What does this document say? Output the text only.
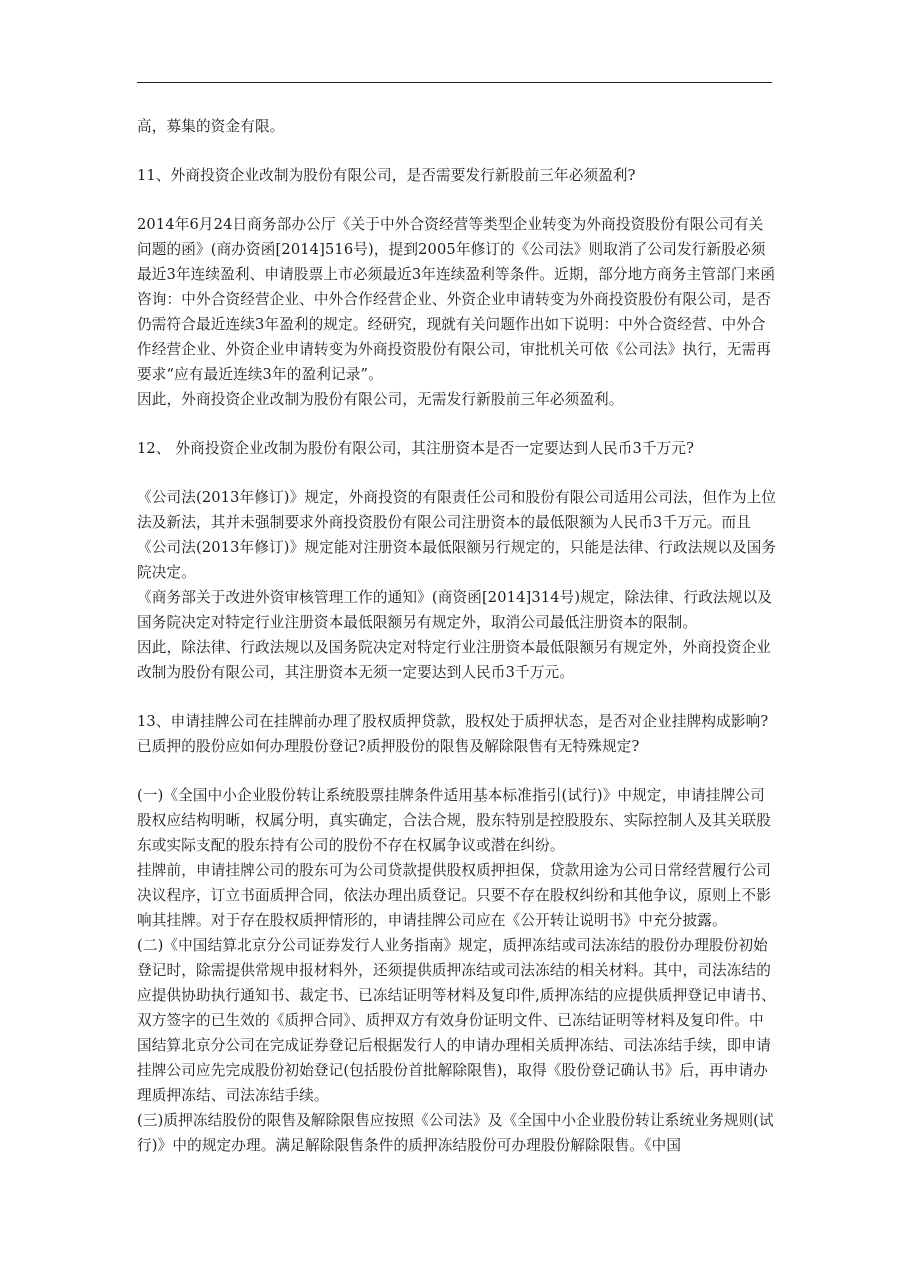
高，募集的资金有限。

11、外商投资企业改制为股份有限公司，是否需要发行新股前三年必须盈利?

2014年6月24日商务部办公厅《关于中外合资经营等类型企业转变为外商投资股份有限公司有关问题的函》(商办资函[2014]516号)，提到2005年修订的《公司法》则取消了公司发行新股必须最近3年连续盈利、申请股票上市必须最近3年连续盈利等条件。近期，部分地方商务主管部门来函咨询：中外合资经营企业、中外合作经营企业、外资企业申请转变为外商投资股份有限公司，是否仍需符合最近连续3年盈利的规定。经研究，现就有关问题作出如下说明：中外合资经营、中外合作经营企业、外资企业申请转变为外商投资股份有限公司，审批机关可依《公司法》执行，无需再要求“应有最近连续3年的盈利记录”。

因此，外商投资企业改制为股份有限公司，无需发行新股前三年必须盈利。

12、 外商投资企业改制为股份有限公司，其注册资本是否一定要达到人民币3千万元?

《公司法(2013年修订)》规定，外商投资的有限责任公司和股份有限公司适用公司法，但作为上位法及新法，其并未强制要求外商投资股份有限公司注册资本的最低限额为人民币3千万元。而且《公司法(2013年修订)》规定能对注册资本最低限额另行规定的，只能是法律、行政法规以及国务院决定。

《商务部关于改进外资审核管理工作的通知》(商资函[2014]314号)规定，除法律、行政法规以及国务院决定对特定行业注册资本最低限额另有规定外，取消公司最低注册资本的限制。

因此，除法律、行政法规以及国务院决定对特定行业注册资本最低限额另有规定外，外商投资企业改制为股份有限公司，其注册资本无须一定要达到人民币3千万元。

13、申请挂牌公司在挂牌前办理了股权质押贷款，股权处于质押状态，是否对企业挂牌构成影响?已质押的股份应如何办理股份登记?质押股份的限售及解除限售有无特殊规定?

(一)《全国中小企业股份转让系统股票挂牌条件适用基本标准指引(试行)》中规定，申请挂牌公司股权应结构明晰，权属分明，真实确定，合法合规，股东特别是控股股东、实际控制人及其关联股东或实际支配的股东持有公司的股份不存在权属争议或潜在纠纷。

挂牌前，申请挂牌公司的股东可为公司贷款提供股权质押担保，贷款用途为公司日常经营履行公司决议程序，订立书面质押合同，依法办理出质登记。只要不存在股权纠纷和其他争议，原则上不影响其挂牌。对于存在股权质押情形的，申请挂牌公司应在《公开转让说明书》中充分披露。

(二)《中国结算北京分公司证券发行人业务指南》规定，质押冻结或司法冻结的股份办理股份初始登记时，除需提供常规申报材料外，还须提供质押冻结或司法冻结的相关材料。其中，司法冻结的应提供协助执行通知书、裁定书、已冻结证明等材料及复印件,质押冻结的应提供质押登记申请书、双方签字的已生效的《质押合同》、质押双方有效身份证明文件、已冻结证明等材料及复印件。中国结算北京分公司在完成证券登记后根据发行人的申请办理相关质押冻结、司法冻结手续，即申请挂牌公司应先完成股份初始登记(包括股份首批解除限售)，取得《股份登记确认书》后，再申请办理质押冻结、司法冻结手续。

(三)质押冻结股份的限售及解除限售应按照《公司法》及《全国中小企业股份转让系统业务规则(试行)》中的规定办理。满足解除限售条件的质押冻结股份可办理股份解除限售。《中国
